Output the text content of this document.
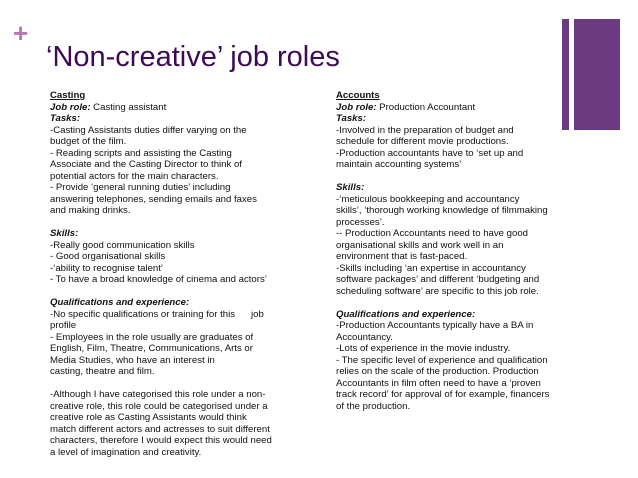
+
‘Non-creative’ job roles

Casting

Job role: Casting assistant

Tasks:

-Casting Assistants duties differ varying on the

budget of the film.

- Reading scripts and assisting the Casting

Associate and the Casting Director to think of

potential actors for the main characters.

- Provide ‘general running duties’ including

answering telephones, sending emails and faxes

and making drinks.

Skills:

-Really good communication skills

- Good organisational skills

-‘ability to recognise talent’

- To have a broad knowledge of cinema and actors’

Qualifications and experience:

-No specific qualifications or training for this      job

profile

- Employees in the role usually are graduates of

English, Film, Theatre, Communications, Arts or

Media Studies, who have an interest in

casting, theatre and film.

-Although I have categorised this role under a non-

creative role, this role could be categorised under a

creative role as Casting Assistants would think

match different actors and actresses to suit different

characters, therefore I would expect this would need

a level of imagination and creativity.

Accounts

Job role: Production Accountant

Tasks:

-Involved in the preparation of budget and

schedule for different movie productions.

-Production accountants have to ‘set up and

maintain accounting systems’

Skills:

-‘meticulous bookkeeping and accountancy

skills’, ‘thorough working knowledge of filmmaking

processes’.

-- Production Accountants need to have good

organisational skills and work well in an

environment that is fast-paced.

-Skills including ‘an expertise in accountancy

software packages’ and different ‘budgeting and

scheduling software’ are specific to this job role.

Qualifications and experience:

-Production Accountants typically have a BA in

Accountancy.

-Lots of experience in the movie industry.

- The specific level of experience and qualification

relies on the scale of the production. Production

Accountants in film often need to have a ‘proven

track record’ for approval of for example, financers

of the production.
